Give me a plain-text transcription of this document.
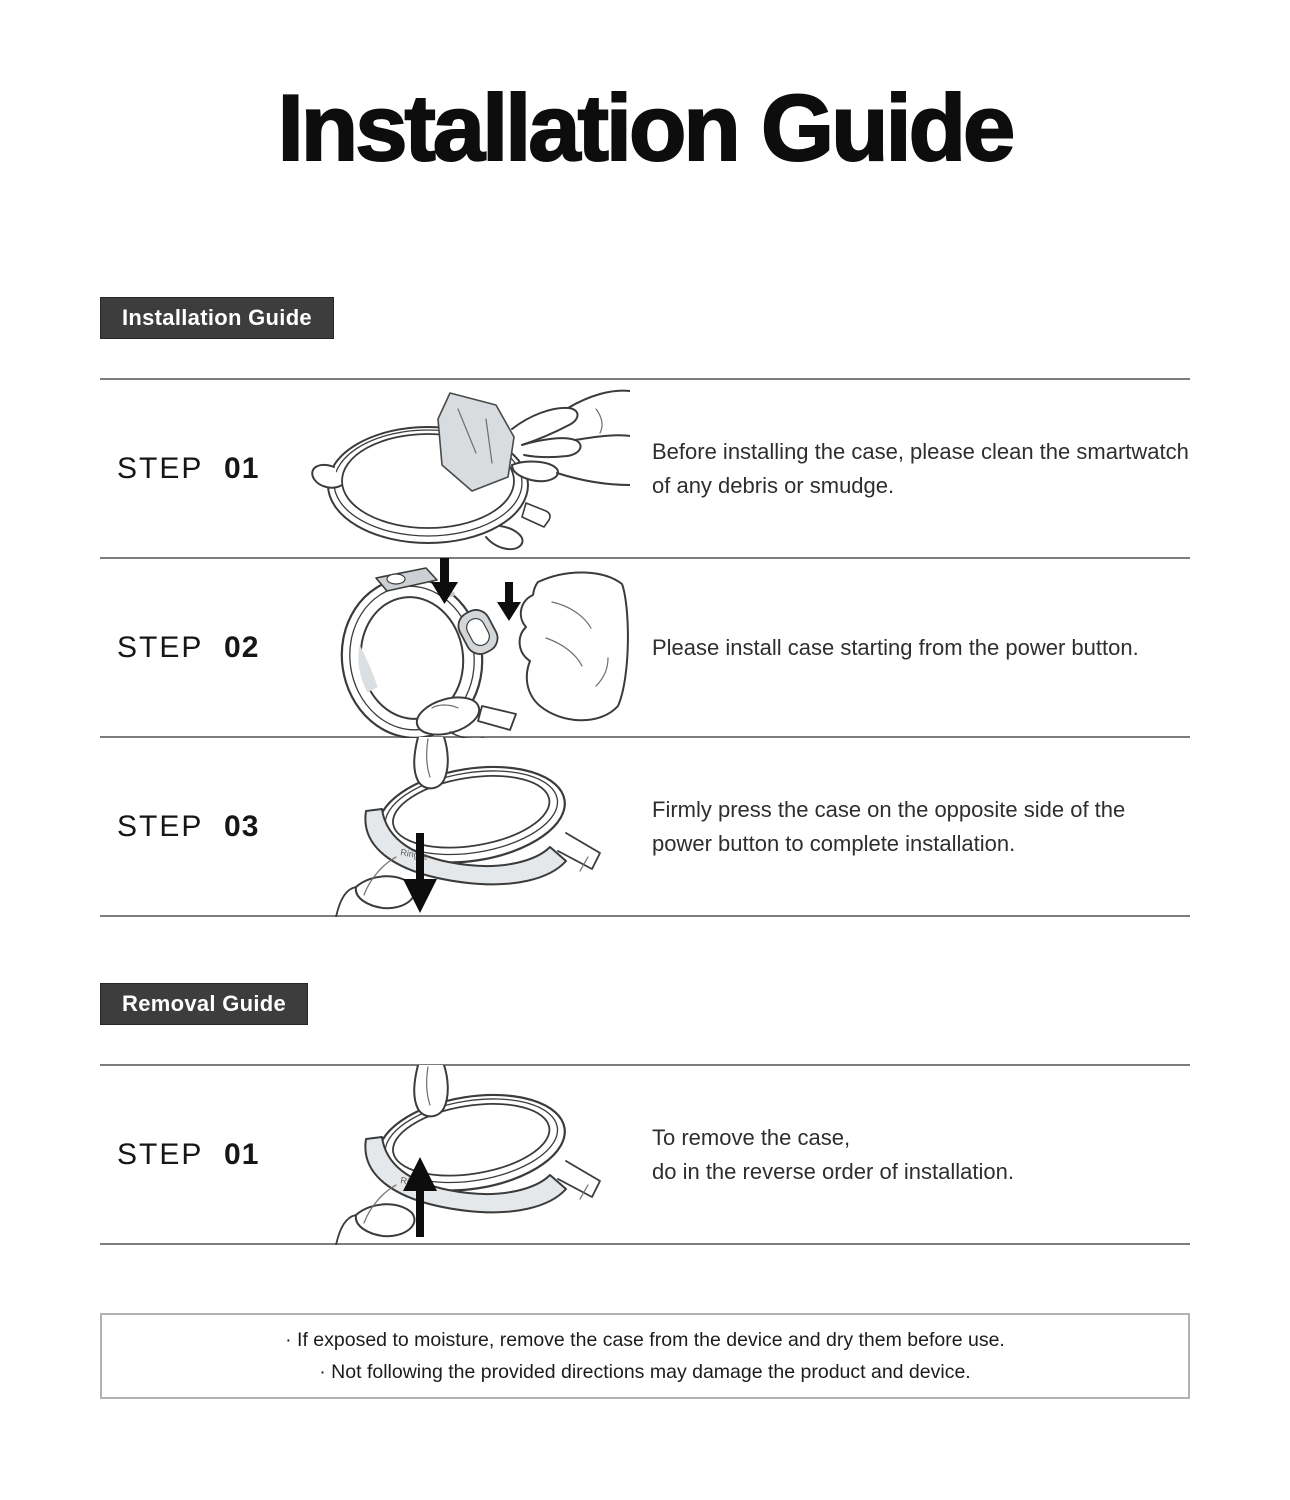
Installation Guide
Installation Guide
STEP 01
Before installing the case, please clean the smartwatch
of any debris or smudge.
STEP 02	Please install case starting from the power button.
STEP 03
Firmly press the case on the opposite side of the
power button to complete installation.
Removal Guide
STEP 01
To remove the case,
do in the reverse order of installation.
· If exposed to moisture, remove the case from the device and dry them before use.
· Not following the provided directions may damage the product and device.
